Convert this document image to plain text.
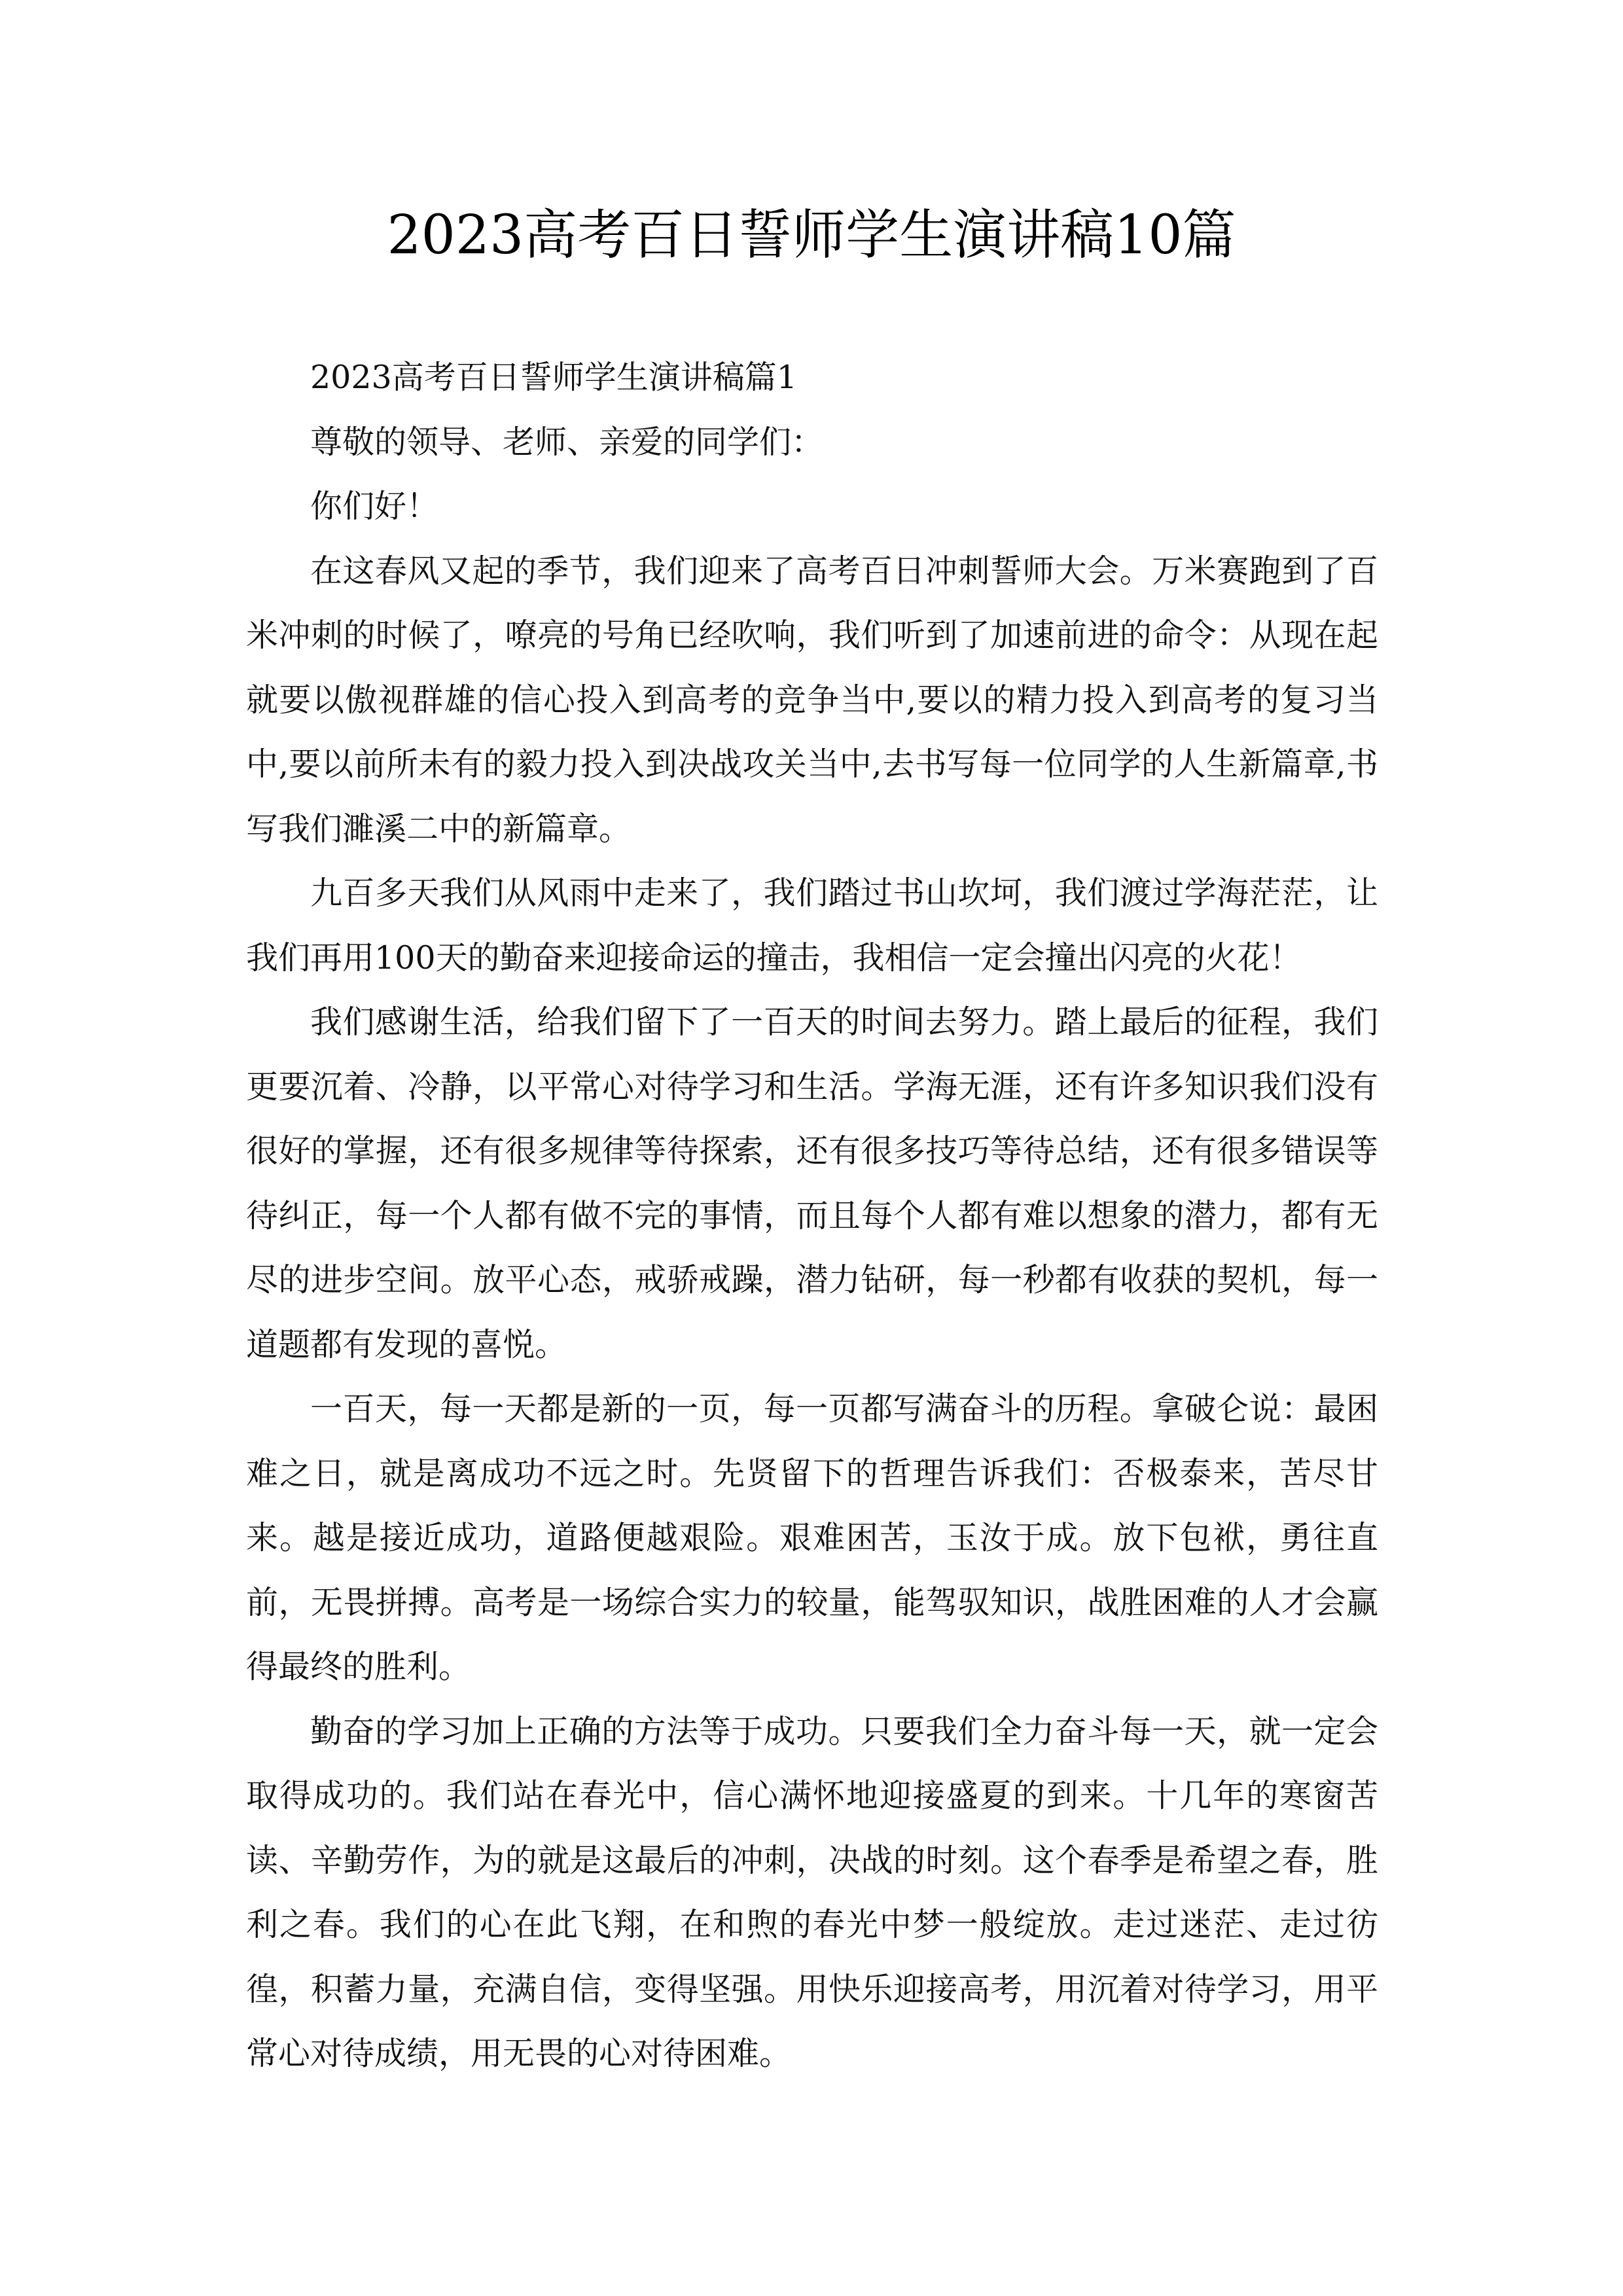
2023高考百日誓师学生演讲稿10篇

2023高考百日誓师学生演讲稿篇1

尊敬的领导、老师、亲爱的同学们：

你们好！

在这春风又起的季节，我们迎来了高考百日冲刺誓师大会。万米赛跑到了百米冲刺的时候了，嘹亮的号角已经吹响，我们听到了加速前进的命令：从现在起就要以傲视群雄的信心投入到高考的竞争当中,要以的精力投入到高考的复习当中,要以前所未有的毅力投入到决战攻关当中,去书写每一位同学的人生新篇章,书写我们濉溪二中的新篇章。

九百多天我们从风雨中走来了，我们踏过书山坎坷，我们渡过学海茫茫，让我们再用100天的勤奋来迎接命运的撞击，我相信一定会撞出闪亮的火花！

我们感谢生活，给我们留下了一百天的时间去努力。踏上最后的征程，我们更要沉着、冷静，以平常心对待学习和生活。学海无涯，还有许多知识我们没有很好的掌握，还有很多规律等待探索，还有很多技巧等待总结，还有很多错误等待纠正，每一个人都有做不完的事情，而且每个人都有难以想象的潜力，都有无尽的进步空间。放平心态，戒骄戒躁，潜力钻研，每一秒都有收获的契机，每一道题都有发现的喜悦。

一百天，每一天都是新的一页，每一页都写满奋斗的历程。拿破仑说：最困难之日，就是离成功不远之时。先贤留下的哲理告诉我们：否极泰来，苦尽甘来。越是接近成功，道路便越艰险。艰难困苦，玉汝于成。放下包袱，勇往直前，无畏拼搏。高考是一场综合实力的较量，能驾驭知识，战胜困难的人才会赢得最终的胜利。

勤奋的学习加上正确的方法等于成功。只要我们全力奋斗每一天，就一定会取得成功的。我们站在春光中，信心满怀地迎接盛夏的到来。十几年的寒窗苦读、辛勤劳作，为的就是这最后的冲刺，决战的时刻。这个春季是希望之春，胜利之春。我们的心在此飞翔，在和煦的春光中梦一般绽放。走过迷茫、走过彷徨，积蓄力量，充满自信，变得坚强。用快乐迎接高考，用沉着对待学习，用平常心对待成绩，用无畏的心对待困难。
